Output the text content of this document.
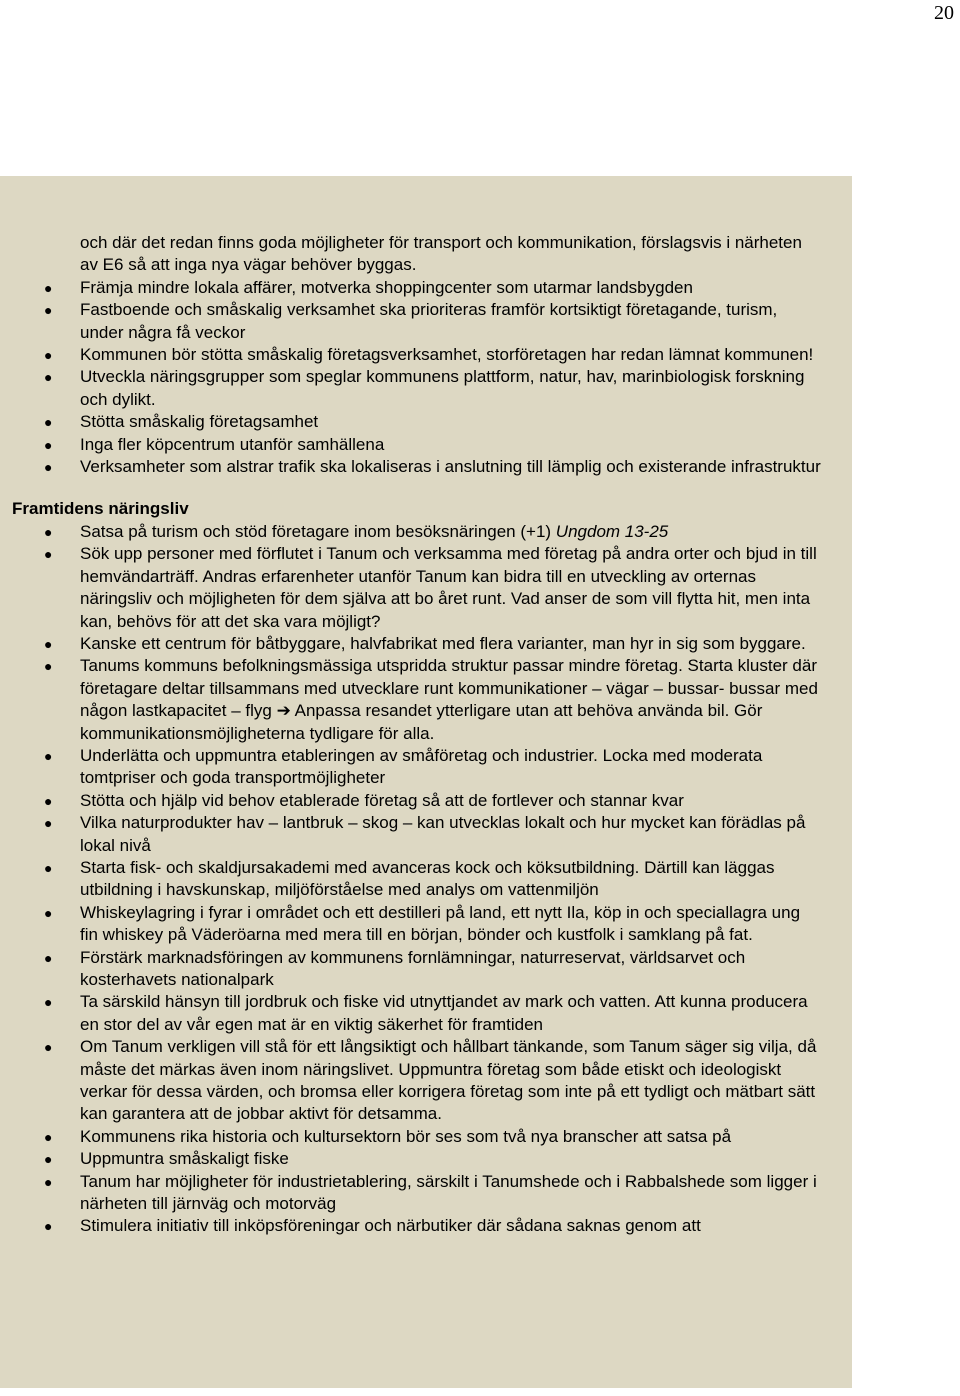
20
och där det redan finns goda möjligheter för transport och kommunikation, förslagsvis i närheten av E6 så att inga nya vägar behöver byggas.
● Främja mindre lokala affärer, motverka shoppingcenter som utarmar landsbygden
● Fastboende och småskalig verksamhet ska prioriteras framför kortsiktigt företagande, turism, under några få veckor
● Kommunen bör stötta småskalig företagsverksamhet, storföretagen har redan lämnat kommunen!
● Utveckla näringsgrupper som speglar kommunens plattform, natur, hav, marinbiologisk forskning och dylikt.
● Stötta småskalig företagsamhet
● Inga fler köpcentrum utanför samhällena
● Verksamheter som alstrar trafik ska lokaliseras i anslutning till lämplig och existerande infrastruktur
Framtidens näringsliv
● Satsa på turism och stöd företagare inom besöksnäringen (+1) Ungdom 13-25
● Sök upp personer med förflutet i Tanum och verksamma med företag på andra orter och bjud in till hemvändarträff. Andras erfarenheter utanför Tanum kan bidra till en utveckling av orternas näringsliv och möjligheten för dem själva att bo året runt. Vad anser de som vill flytta hit, men inta kan, behövs för att det ska vara möjligt?
● Kanske ett centrum för båtbyggare, halvfabrikat med flera varianter, man hyr in sig som byggare.
● Tanums kommuns befolkningsmässiga utspridda struktur passar mindre företag. Starta kluster där företagare deltar tillsammans med utvecklare runt kommunikationer – vägar – bussar- bussar med någon lastkapacitet – flyg ➔ Anpassa resandet ytterligare utan att behöva använda bil. Gör kommunikationsmöjligheterna tydligare för alla.
● Underlätta och uppmuntra etableringen av småföretag och industrier. Locka med moderata tomtpriser och goda transportmöjligheter
● Stötta och hjälp vid behov etablerade företag så att de fortlever och stannar kvar
● Vilka naturprodukter hav – lantbruk – skog – kan utvecklas lokalt och hur mycket kan förädlas på lokal nivå
● Starta fisk- och skaldjursakademi med avanceras kock och köksutbildning. Därtill kan läggas utbildning i havskunskap, miljöförståelse med analys om vattenmiljön
● Whiskeylagring i fyrar i området och ett destilleri på land, ett nytt Ila, köp in och speciallagra ung fin whiskey på Väderöarna med mera till en början, bönder och kustfolk i samklang på fat.
● Förstärk marknadsföringen av kommunens fornlämningar, naturreservat, världsarvet och kosterhavets nationalpark
● Ta särskild hänsyn till jordbruk och fiske vid utnyttjandet av mark och vatten. Att kunna producera en stor del av vår egen mat är en viktig säkerhet för framtiden
● Om Tanum verkligen vill stå för ett långsiktigt och hållbart tänkande, som Tanum säger sig vilja, då måste det märkas även inom näringslivet. Uppmuntra företag som både etiskt och ideologiskt verkar för dessa värden, och bromsa eller korrigera företag som inte på ett tydligt och mätbart sätt kan garantera att de jobbar aktivt för detsamma.
● Kommunens rika historia och kultursektorn bör ses som två nya branscher att satsa på
● Uppmuntra småskaligt fiske
● Tanum har möjligheter för industrietablering, särskilt i Tanumshede och i Rabbalshede som ligger i närheten till järnväg och motorväg
● Stimulera initiativ till inköpsföreningar och närbutiker där sådana saknas genom att
